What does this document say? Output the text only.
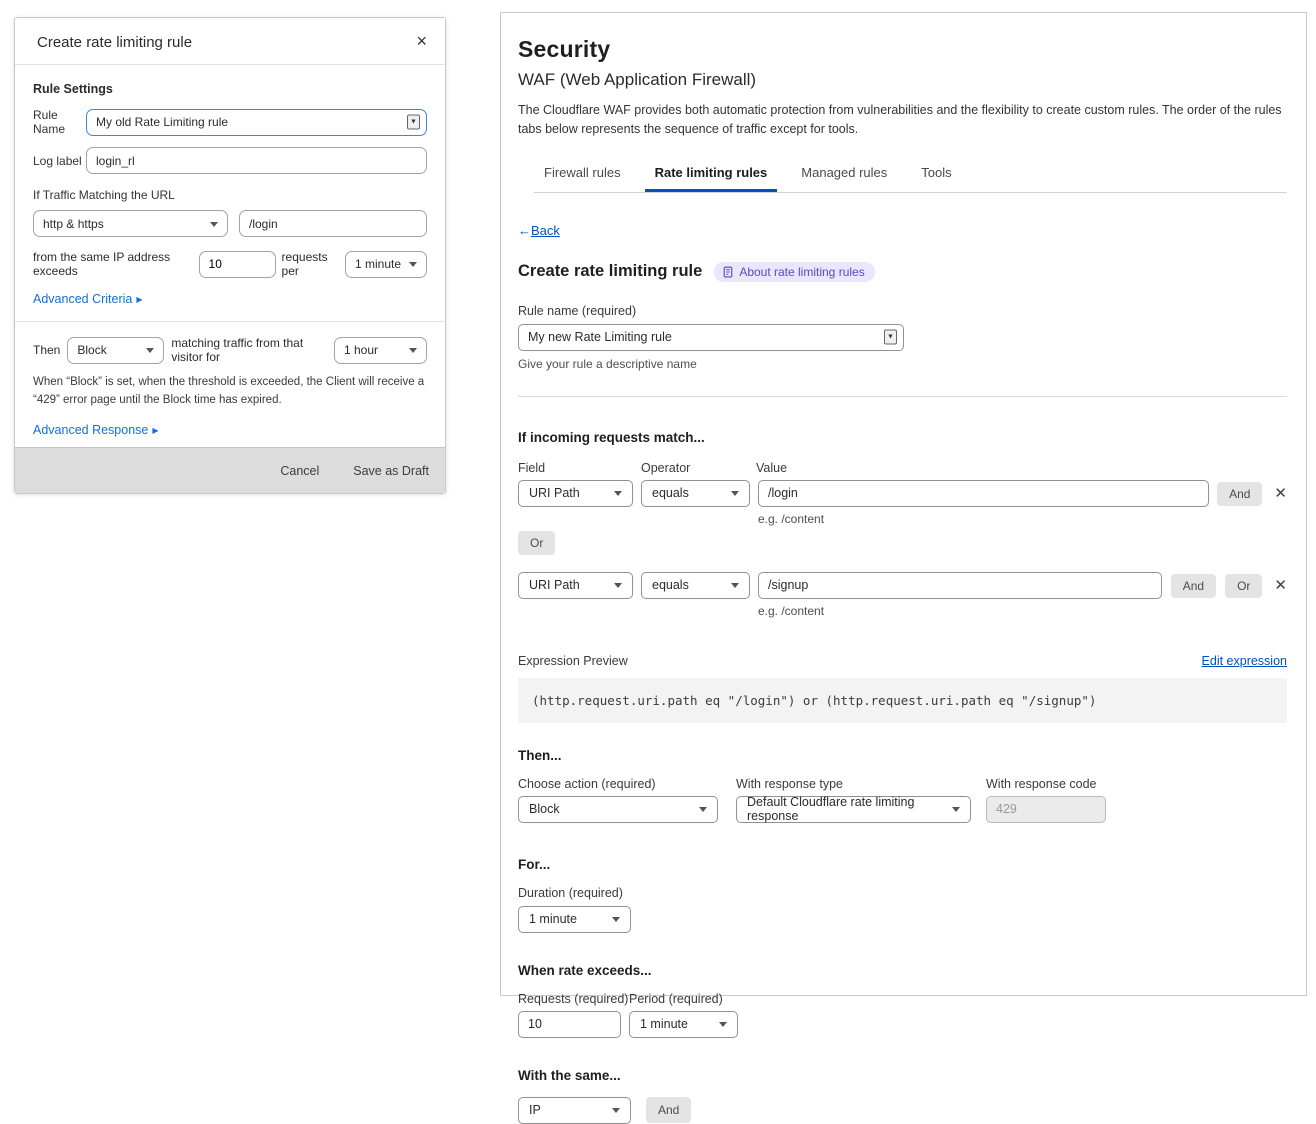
Create rate limiting rule	×
Rule Settings
Rule Name
My old Rate Limiting rule	▼
Log label
login_rl
If Traffic Matching the URL
http & https
/login
from the same IP address exceeds
10
requests per	1 minute
Advanced Criteria ▶
Then Block	matching traffic from that visitor for	1 hour
When “Block” is set, when the threshold is exceeded, the Client will receive a “429” error page until the Block time has expired.
Advanced Response ▶
Cancel	Save as Draft
Security
WAF (Web Application Firewall)
The Cloudflare WAF provides both automatic protection from vulnerabilities and the flexibility to create custom rules. The order of the rules tabs below represents the sequence of traffic except for tools.
Firewall rules	Rate limiting rules	Managed rules	Tools
← Back
Create rate limiting rule	About rate limiting rules
Rule name (required)
My new Rate Limiting rule
▼
Give your rule a descriptive name
If incoming requests match...
Field	Operator	Value
URI Path	equals
/login
e.g. /content
And	✕
Or
URI Path	equals
/signup
e.g. /content
And	Or	✕
Expression Preview	Edit expression
(http.request.uri.path eq "/login") or (http.request.uri.path eq "/signup")
Then...
Choose action (required)	With response type	With response code
Block	Default Cloudflare rate limiting response
429
For...
Duration (required)
1 minute
When rate exceeds...
Requests (required) Period (required)
10
1 minute
With the same...
IP	And
